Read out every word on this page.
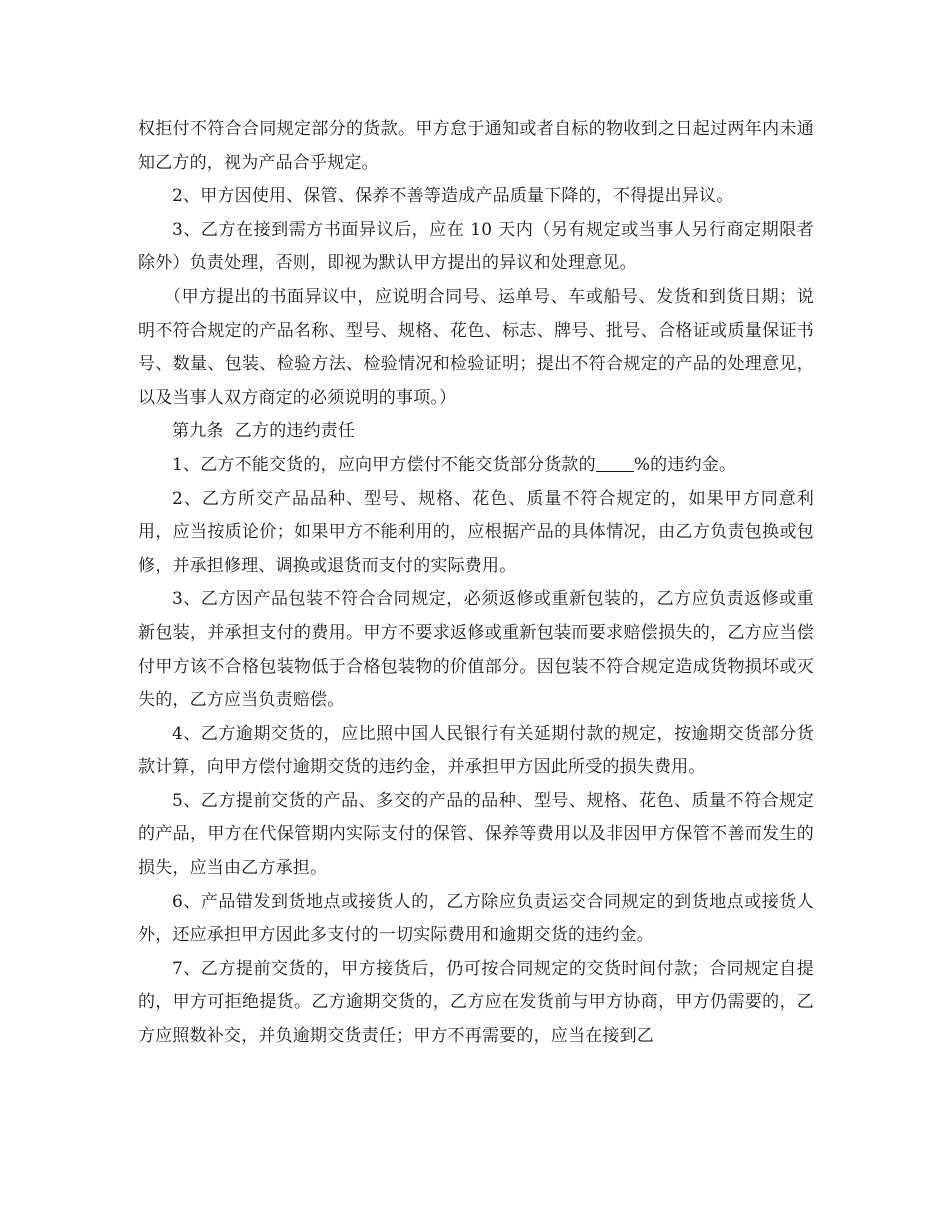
权拒付不符合合同规定部分的货款。甲方怠于通知或者自标的物收到之日起过两年内未通知乙方的，视为产品合乎规定。

2、甲方因使用、保管、保养不善等造成产品质量下降的，不得提出异议。

3、乙方在接到需方书面异议后，应在 10 天内（另有规定或当事人另行商定期限者除外）负责处理，否则，即视为默认甲方提出的异议和处理意见。

（甲方提出的书面异议中，应说明合同号、运单号、车或船号、发货和到货日期；说明不符合规定的产品名称、型号、规格、花色、标志、牌号、批号、合格证或质量保证书号、数量、包装、检验方法、检验情况和检验证明；提出不符合规定的产品的处理意见，以及当事人双方商定的必须说明的事项。）

第九条  乙方的违约责任

1、乙方不能交货的，应向甲方偿付不能交货部分货款的 %的违约金。

2、乙方所交产品品种、型号、规格、花色、质量不符合规定的，如果甲方同意利用，应当按质论价；如果甲方不能利用的，应根据产品的具体情况，由乙方负责包换或包修，并承担修理、调换或退货而支付的实际费用。

3、乙方因产品包装不符合合同规定，必须返修或重新包装的，乙方应负责返修或重新包装，并承担支付的费用。甲方不要求返修或重新包装而要求赔偿损失的，乙方应当偿付甲方该不合格包装物低于合格包装物的价值部分。因包装不符合规定造成货物损坏或灭失的，乙方应当负责赔偿。

4、乙方逾期交货的，应比照中国人民银行有关延期付款的规定，按逾期交货部分货款计算，向甲方偿付逾期交货的违约金，并承担甲方因此所受的损失费用。

5、乙方提前交货的产品、多交的产品的品种、型号、规格、花色、质量不符合规定的产品，甲方在代保管期内实际支付的保管、保养等费用以及非因甲方保管不善而发生的损失，应当由乙方承担。

6、产品错发到货地点或接货人的，乙方除应负责运交合同规定的到货地点或接货人外，还应承担甲方因此多支付的一切实际费用和逾期交货的违约金。

7、乙方提前交货的，甲方接货后，仍可按合同规定的交货时间付款；合同规定自提的，甲方可拒绝提货。乙方逾期交货的，乙方应在发货前与甲方协商，甲方仍需要的，乙方应照数补交，并负逾期交货责任；甲方不再需要的，应当在接到乙
